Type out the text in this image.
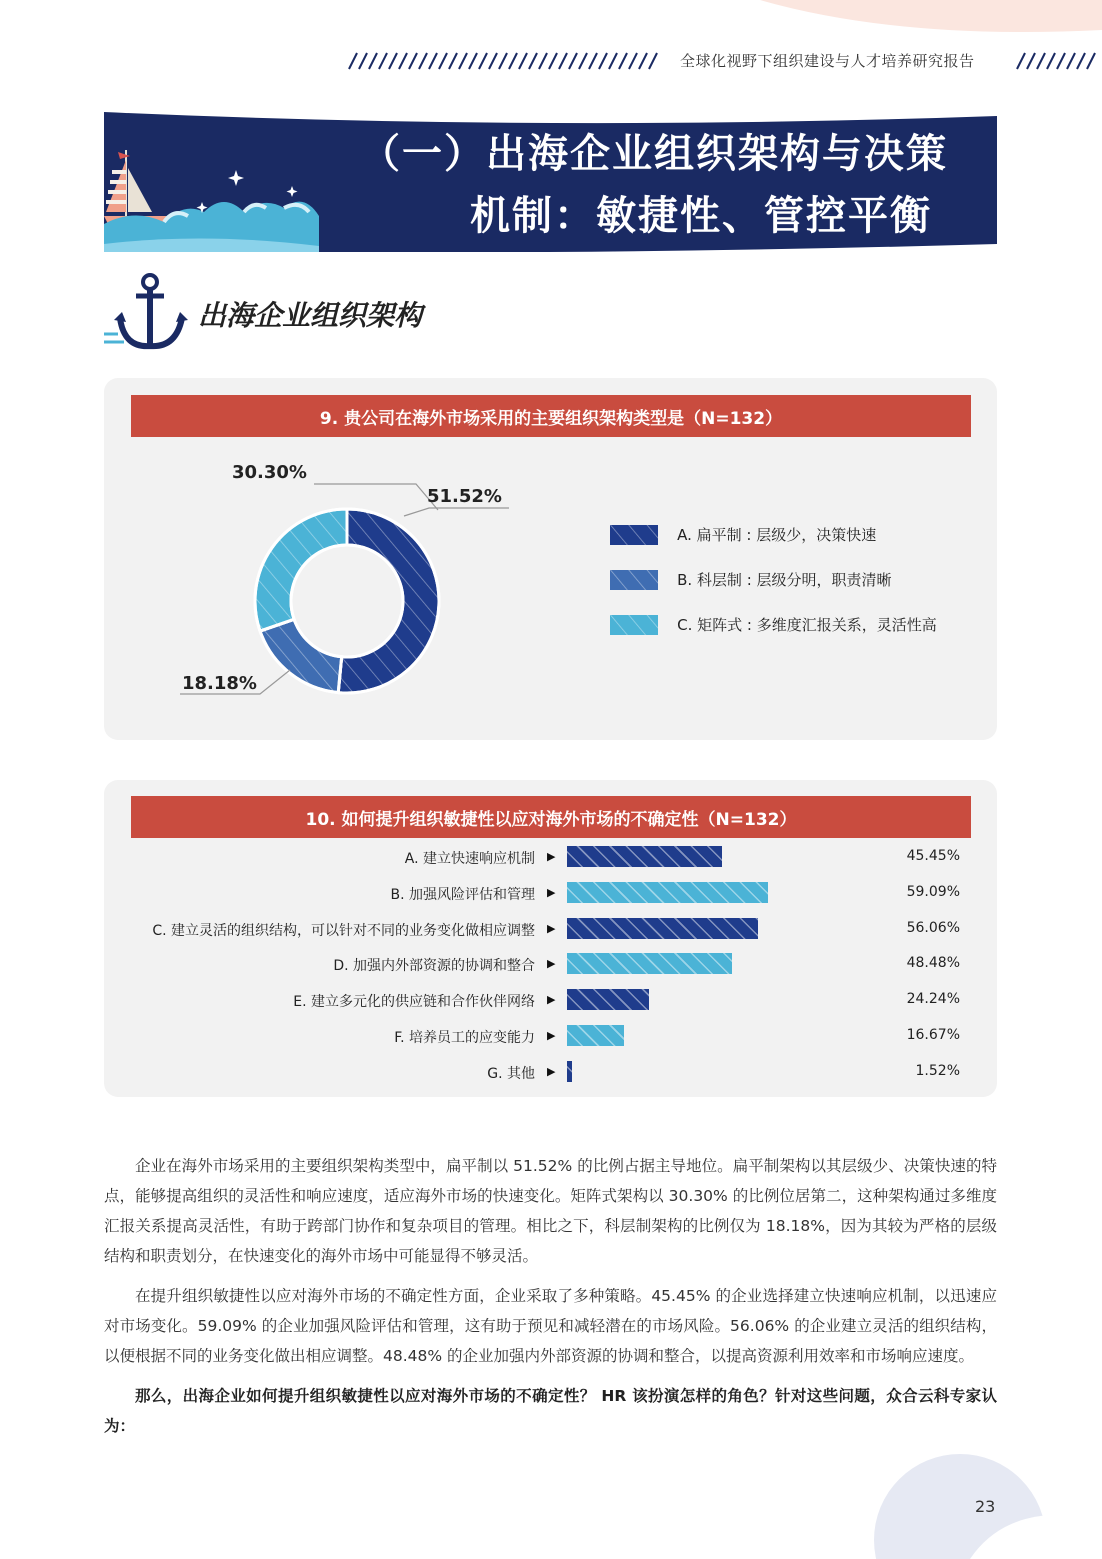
全球化视野下组织建设与人才培养研究报告
（一）出海企业组织架构与决策
机制：敏捷性、管控平衡
出海企业组织架构
9. 贵公司在海外市场采用的主要组织架构类型是（N=132）
30.30%
51.52%
18.18%
A. 扁平制 : 层级少，决策快速
B. 科层制 : 层级分明，职责清晰
C. 矩阵式 : 多维度汇报关系，灵活性高
10. 如何提升组织敏捷性以应对海外市场的不确定性（N=132）
A. 建立快速响应机制 ▶	45.45%
B. 加强风险评估和管理 ▶	59.09%
C. 建立灵活的组织结构，可以针对不同的业务变化做相应调整 ▶	56.06%
D. 加强内外部资源的协调和整合 ▶	48.48%
E. 建立多元化的供应链和合作伙伴网络 ▶	24.24%
F. 培养员工的应变能力 ▶	16.67%
G. 其他 ▶	1.52%

企业在海外市场采用的主要组织架构类型中，扁平制以 51.52% 的比例占据主导地位。扁平制架构以其层级少、决策快速的特点，能够提高组织的灵活性和响应速度，适应海外市场的快速变化。矩阵式架构以 30.30% 的比例位居第二，这种架构通过多维度汇报关系提高灵活性，有助于跨部门协作和复杂项目的管理。相比之下，科层制架构的比例仅为 18.18%，因为其较为严格的层级结构和职责划分，在快速变化的海外市场中可能显得不够灵活。

在提升组织敏捷性以应对海外市场的不确定性方面，企业采取了多种策略。45.45% 的企业选择建立快速响应机制，以迅速应对市场变化。59.09% 的企业加强风险评估和管理，这有助于预见和减轻潜在的市场风险。56.06% 的企业建立灵活的组织结构，以便根据不同的业务变化做出相应调整。48.48% 的企业加强内外部资源的协调和整合，以提高资源利用效率和市场响应速度。

那么，出海企业如何提升组织敏捷性以应对海外市场的不确定性？ HR 该扮演怎样的角色？针对这些问题，众合云科专家认为：

23
